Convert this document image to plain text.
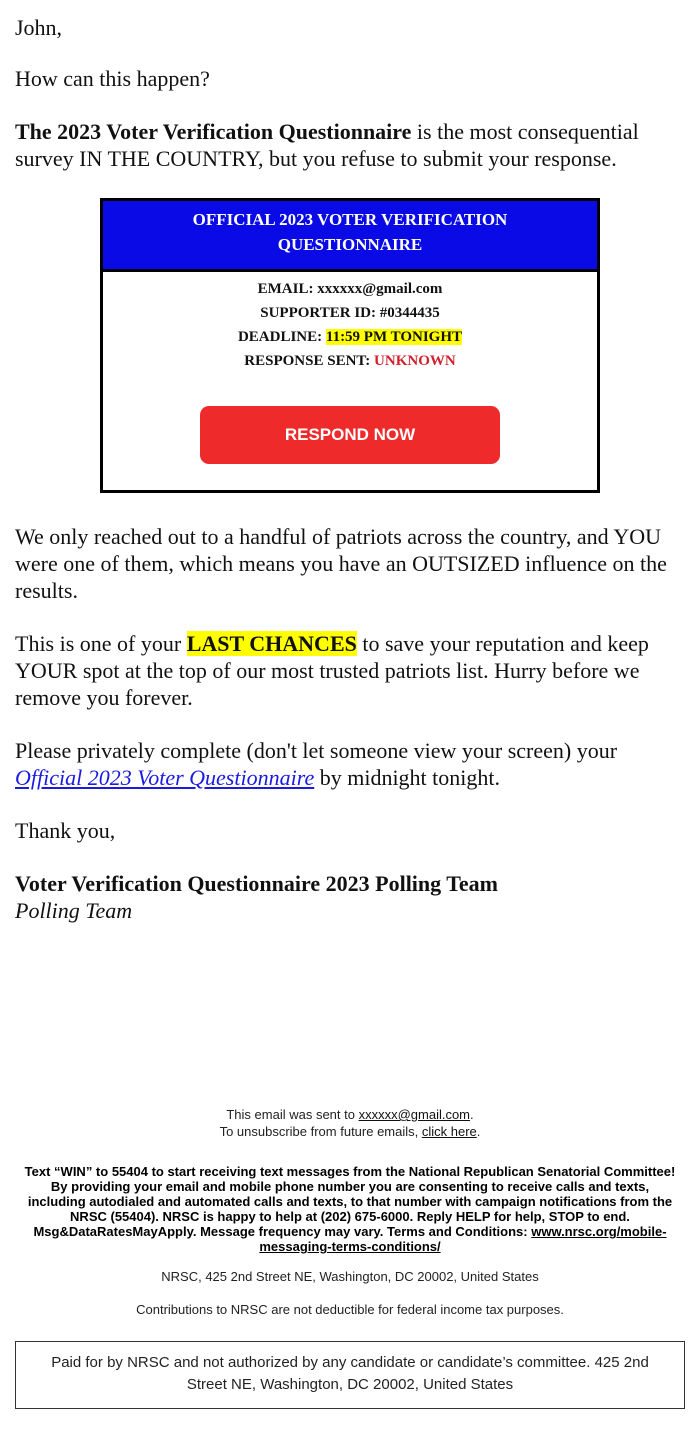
John,

How can this happen?

The 2023 Voter Verification Questionnaire is the most consequential survey IN THE COUNTRY, but you refuse to submit your response.

OFFICIAL 2023 VOTER VERIFICATION QUESTIONNAIRE
EMAIL: xxxxxx@gmail.com
SUPPORTER ID: #0344435
DEADLINE: 11:59 PM TONIGHT
RESPONSE SENT: UNKNOWN
RESPOND NOW

We only reached out to a handful of patriots across the country, and YOU were one of them, which means you have an OUTSIZED influence on the results.

This is one of your LAST CHANCES to save your reputation and keep YOUR spot at the top of our most trusted patriots list. Hurry before we remove you forever.

Please privately complete (don't let someone view your screen) your Official 2023 Voter Questionnaire by midnight tonight.

Thank you,

Voter Verification Questionnaire 2023 Polling Team
Polling Team

This email was sent to xxxxxx@gmail.com.

To unsubscribe from future emails, click here.

Text “WIN” to 55404 to start receiving text messages from the National Republican Senatorial Committee! By providing your email and mobile phone number you are consenting to receive calls and texts, including autodialed and automated calls and texts, to that number with campaign notifications from the NRSC (55404). NRSC is happy to help at (202) 675-6000. Reply HELP for help, STOP to end. Msg&DataRatesMayApply. Message frequency may vary. Terms and Conditions: www.nrsc.org/mobile-messaging-terms-conditions/

NRSC, 425 2nd Street NE, Washington, DC 20002, United States

Contributions to NRSC are not deductible for federal income tax purposes.

Paid for by NRSC and not authorized by any candidate or candidate’s committee. 425 2nd Street NE, Washington, DC 20002, United States
